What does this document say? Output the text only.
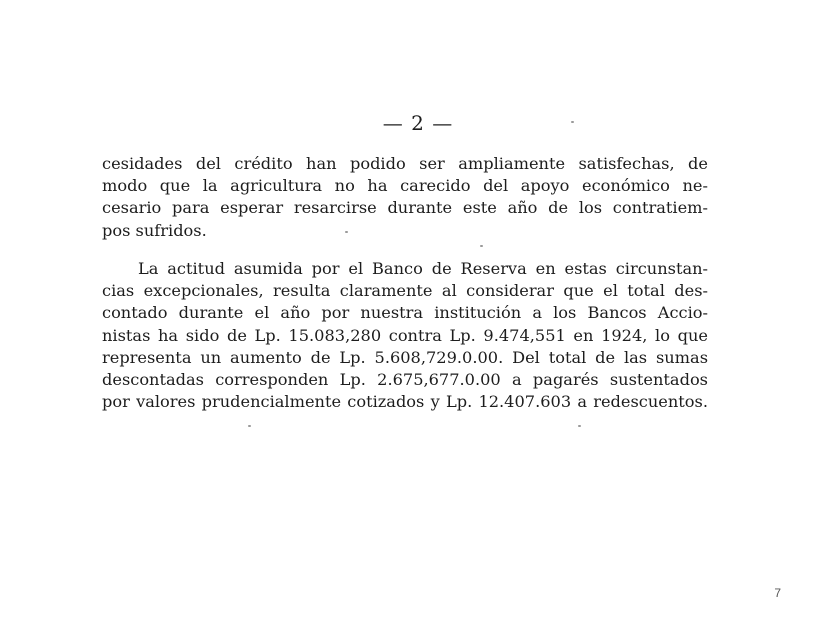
— 2 —
cesidades del crédito han podido ser ampliamente satisfechas, de
modo que la agricultura no ha carecido del apoyo económico ne-
cesario para esperar resarcirse durante este año de los contratiem-
pos sufridos.
La actitud asumida por el Banco de Reserva en estas circunstan-
cias excepcionales, resulta claramente al considerar que el total des-
contado durante el año por nuestra institución a los Bancos Accio-
nistas ha sido de Lp. 15.083,280 contra Lp. 9.474,551 en 1924, lo que
representa un aumento de Lp. 5.608,729.0.00. Del total de las sumas
descontadas corresponden Lp. 2.675,677.0.00 a pagarés sustentados
por valores prudencialmente cotizados y Lp. 12.407.603 a redescuentos.
7
